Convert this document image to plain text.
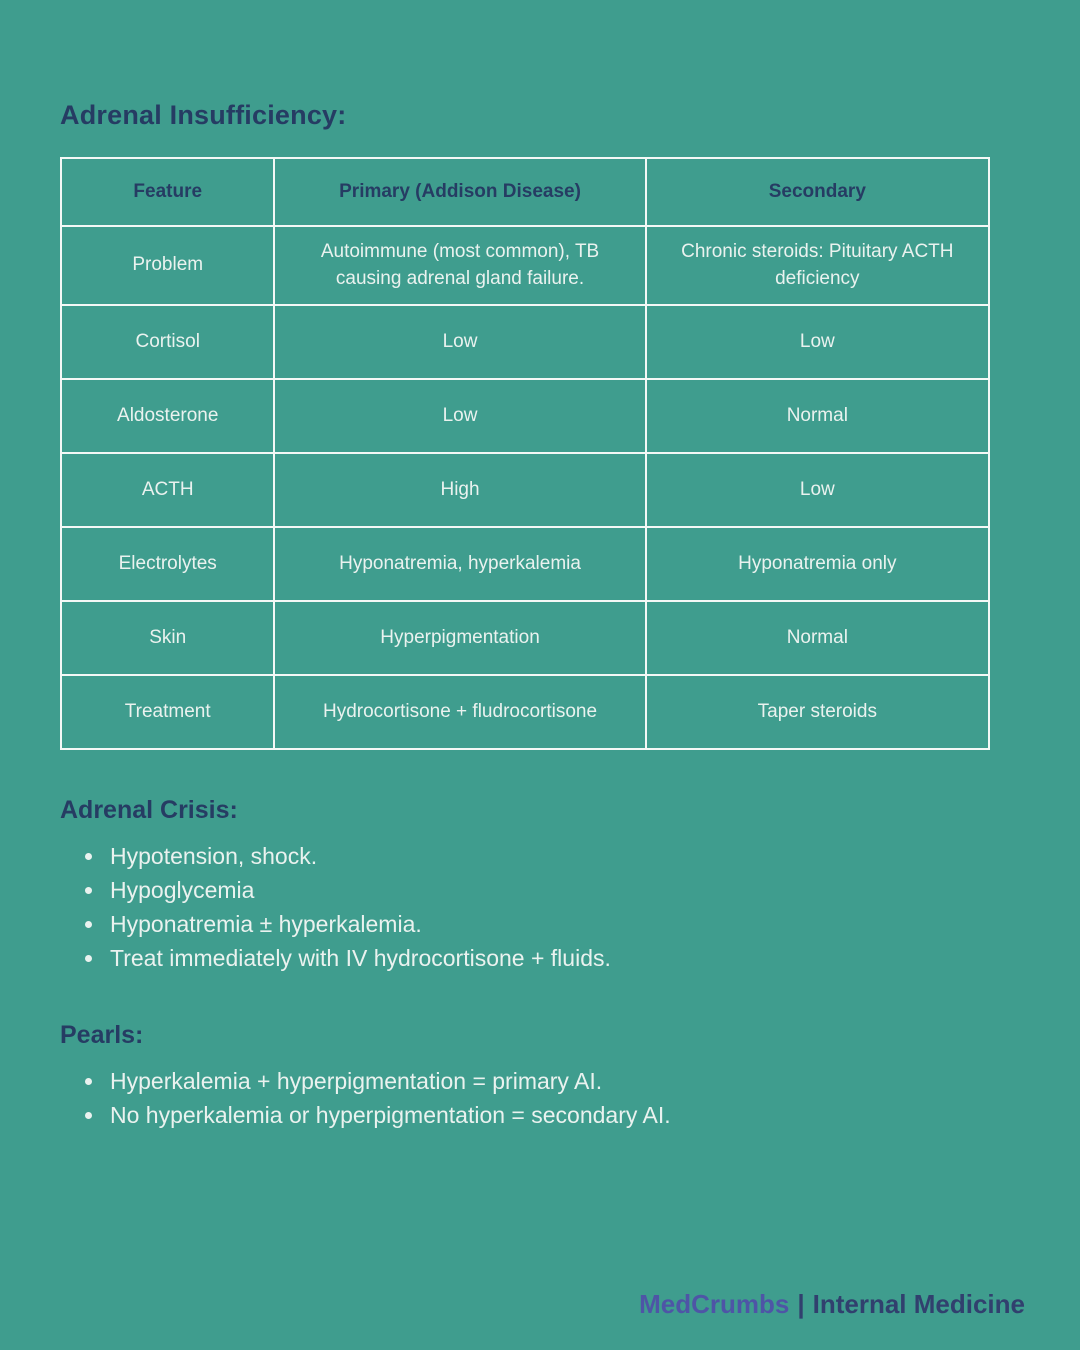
Adrenal Insufficiency:
Feature	Primary (Addison Disease)	Secondary
Problem	Autoimmune (most common), TB causing adrenal gland failure.	Chronic steroids: Pituitary ACTH deficiency
Cortisol	Low	Low
Aldosterone	Low	Normal
ACTH	High	Low
Electrolytes	Hyponatremia, hyperkalemia	Hyponatremia only
Skin	Hyperpigmentation	Normal
Treatment	Hydrocortisone + fludrocortisone	Taper steroids
Adrenal Crisis:
• Hypotension, shock.
• Hypoglycemia
• Hyponatremia ± hyperkalemia.
• Treat immediately with IV hydrocortisone + fluids.
Pearls:
• Hyperkalemia + hyperpigmentation = primary AI.
• No hyperkalemia or hyperpigmentation = secondary AI.
MedCrumbs | Internal Medicine
